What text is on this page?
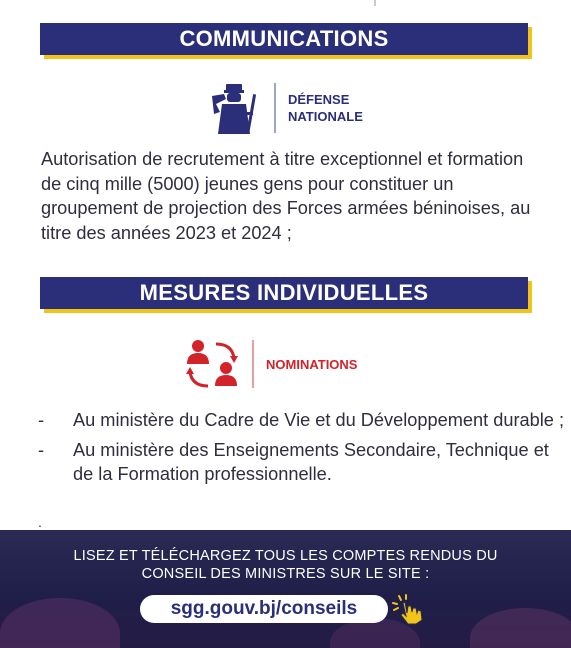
COMMUNICATIONS
DÉFENSE
NATIONALE

Autorisation de recrutement à titre exceptionnel et formation de cinq mille (5000) jeunes gens pour constituer un groupement de projection des Forces armées béninoises, au titre des années 2023 et 2024 ;

MESURES INDIVIDUELLES
NOMINATIONS
- Au ministère du Cadre de Vie et du Développement durable ;
- Au ministère des Enseignements Secondaire, Technique et de la Formation professionnelle.
.
LISEZ ET TÉLÉCHARGEZ TOUS LES COMPTES RENDUS DU
CONSEIL DES MINISTRES SUR LE SITE :
sgg.gouv.bj/conseils
